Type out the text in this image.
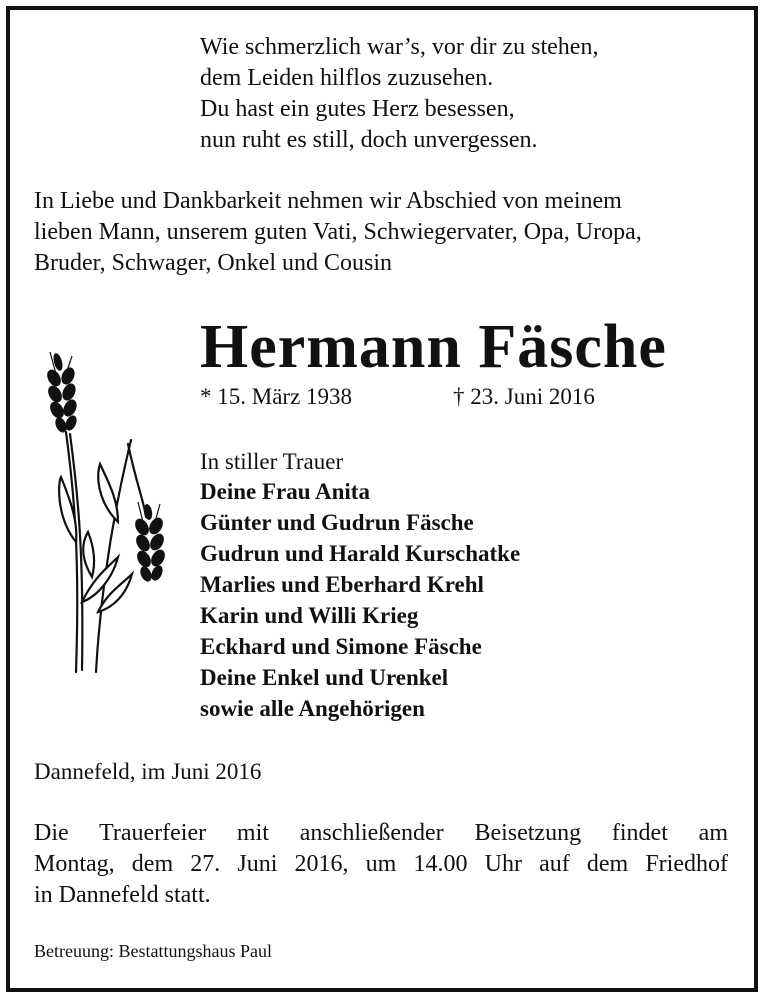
Wie schmerzlich war’s, vor dir zu stehen,
dem Leiden hilflos zuzusehen.
Du hast ein gutes Herz besessen,
nun ruht es still, doch unvergessen.
In Liebe und Dankbarkeit nehmen wir Abschied von meinem
lieben Mann, unserem guten Vati, Schwiegervater, Opa, Uropa,
Bruder, Schwager, Onkel und Cousin
Hermann Fäsche
* 15. März 1938	† 23. Juni 2016
In stiller Trauer
Deine Frau Anita
Günter und Gudrun Fäsche
Gudrun und Harald Kurschatke
Marlies und Eberhard Krehl
Karin und Willi Krieg
Eckhard und Simone Fäsche
Deine Enkel und Urenkel
sowie alle Angehörigen
Dannefeld, im Juni 2016
Die Trauerfeier mit anschließender Beisetzung findet am
Montag, dem 27. Juni 2016, um 14.00 Uhr auf dem Friedhof
in Dannefeld statt.
Betreuung: Bestattungshaus Paul
